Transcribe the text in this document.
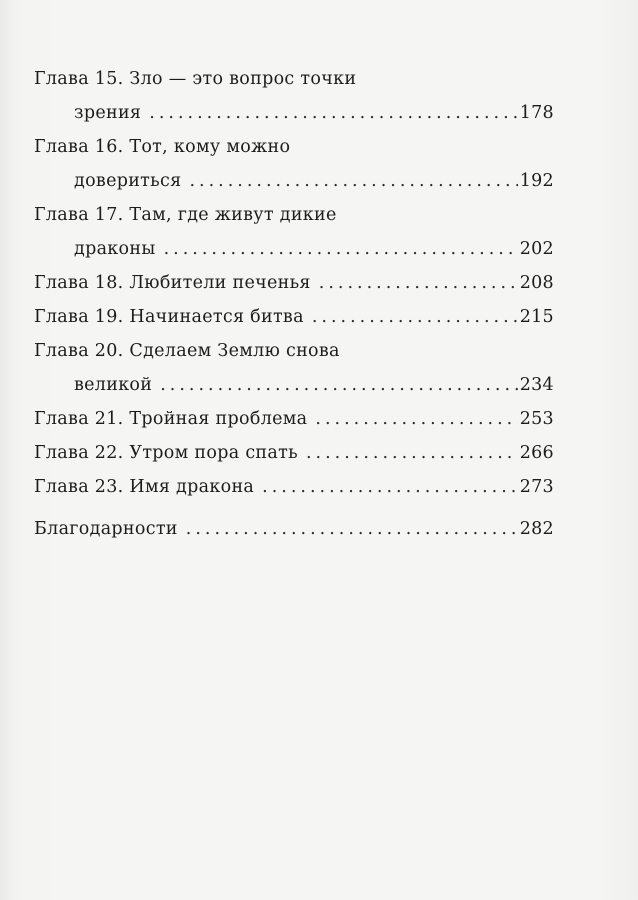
Глава 15. Зло — это вопрос точки
зрения .....	178
Глава 16. Тот, кому можно
довериться .....	192
Глава 17. Там, где живут дикие
драконы .....	202
Глава 18. Любители печенья .....	208
Глава 19. Начинается битва .....	215
Глава 20. Сделаем Землю снова
великой .....	234
Глава 21. Тройная проблема .....	253
Глава 22. Утром пора спать .....	266
Глава 23. Имя дракона .....	273
Благодарности .....	282
